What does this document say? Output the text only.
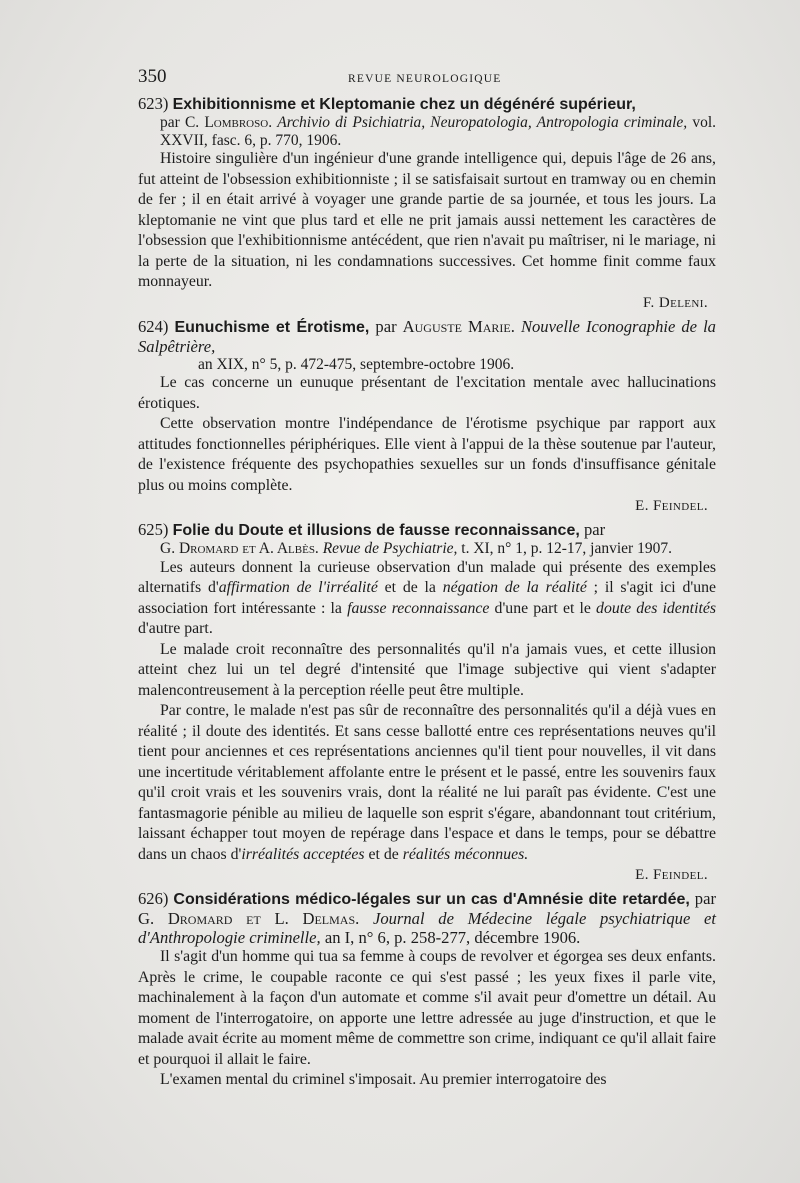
350	REVUE NEUROLOGIQUE

623) Exhibitionnisme et Kleptomanie chez un dégénéré supérieur,

par C. Lombroso. Archivio di Psichiatria, Neuropatologia, Antropologia criminale, vol. XXVII, fasc. 6, p. 770, 1906.

Histoire singulière d'un ingénieur d'une grande intelligence qui, depuis l'âge de 26 ans, fut atteint de l'obsession exhibitionniste ; il se satisfaisait surtout en tramway ou en chemin de fer ; il en était arrivé à voyager une grande partie de sa journée, et tous les jours. La kleptomanie ne vint que plus tard et elle ne prit jamais aussi nettement les caractères de l'obsession que l'exhibitionnisme antécédent, que rien n'avait pu maîtriser, ni le mariage, ni la perte de la situation, ni les condamnations successives. Cet homme finit comme faux monnayeur.

F. Deleni.

624) Eunuchisme et Érotisme, par Auguste Marie. Nouvelle Iconographie de la Salpêtrière,

an XIX, n° 5, p. 472-475, septembre-octobre 1906.

Le cas concerne un eunuque présentant de l'excitation mentale avec hallucinations érotiques.

Cette observation montre l'indépendance de l'érotisme psychique par rapport aux attitudes fonctionnelles périphériques. Elle vient à l'appui de la thèse soutenue par l'auteur, de l'existence fréquente des psychopathies sexuelles sur un fonds d'insuffisance génitale plus ou moins complète.

E. Feindel.

625) Folie du Doute et illusions de fausse reconnaissance, par

G. Dromard et A. Albès. Revue de Psychiatrie, t. XI, n° 1, p. 12-17, janvier 1907.

Les auteurs donnent la curieuse observation d'un malade qui présente des exemples alternatifs d'affirmation de l'irréalité et de la négation de la réalité ; il s'agit ici d'une association fort intéressante : la fausse reconnaissance d'une part et le doute des identités d'autre part.

Le malade croit reconnaître des personnalités qu'il n'a jamais vues, et cette illusion atteint chez lui un tel degré d'intensité que l'image subjective qui vient s'adapter malencontreusement à la perception réelle peut être multiple.

Par contre, le malade n'est pas sûr de reconnaître des personnalités qu'il a déjà vues en réalité ; il doute des identités. Et sans cesse ballotté entre ces représentations neuves qu'il tient pour anciennes et ces représentations anciennes qu'il tient pour nouvelles, il vit dans une incertitude véritablement affolante entre le présent et le passé, entre les souvenirs faux qu'il croit vrais et les souvenirs vrais, dont la réalité ne lui paraît pas évidente. C'est une fantasmagorie pénible au milieu de laquelle son esprit s'égare, abandonnant tout critérium, laissant échapper tout moyen de repérage dans l'espace et dans le temps, pour se débattre dans un chaos d'irréalités acceptées et de réalités méconnues.

E. Feindel.

626) Considérations médico-légales sur un cas d'Amnésie dite retardée, par G. Dromard et L. Delmas. Journal de Médecine légale psychiatrique et d'Anthropologie criminelle, an I, n° 6, p. 258-277, décembre 1906.

Il s'agit d'un homme qui tua sa femme à coups de revolver et égorgea ses deux enfants. Après le crime, le coupable raconte ce qui s'est passé ; les yeux fixes il parle vite, machinalement à la façon d'un automate et comme s'il avait peur d'omettre un détail. Au moment de l'interrogatoire, on apporte une lettre adressée au juge d'instruction, et que le malade avait écrite au moment même de commettre son crime, indiquant ce qu'il allait faire et pourquoi il allait le faire.

L'examen mental du criminel s'imposait. Au premier interrogatoire des
